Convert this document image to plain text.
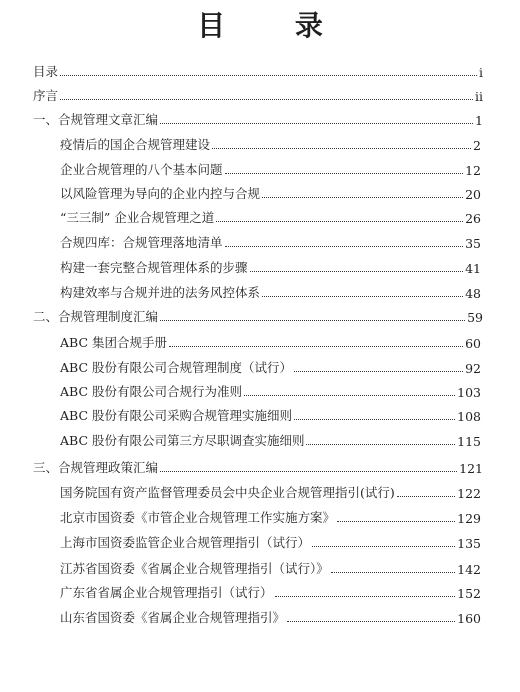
目 录
目录	i
序言	ii
一、合规管理文章汇编	1
疫情后的国企合规管理建设	2
企业合规管理的八个基本问题	12
以风险管理为导向的企业内控与合规	20
“三三制” 企业合规管理之道	26
合规四库：合规管理落地清单	35
构建一套完整合规管理体系的步骤	41
构建效率与合规并进的法务风控体系	48
二、合规管理制度汇编	59
ABC 集团合规手册	60
ABC 股份有限公司合规管理制度（试行）	92
ABC 股份有限公司合规行为准则	103
ABC 股份有限公司采购合规管理实施细则	108
ABC 股份有限公司第三方尽职调查实施细则	115
三、合规管理政策汇编	121
国务院国有资产监督管理委员会中央企业合规管理指引(试行)	122
北京市国资委《市管企业合规管理工作实施方案》	129
上海市国资委监管企业合规管理指引（试行）	135
江苏省国资委《省属企业合规管理指引（试行）》	142
广东省省属企业合规管理指引（试行）	152
山东省国资委《省属企业合规管理指引》	160
